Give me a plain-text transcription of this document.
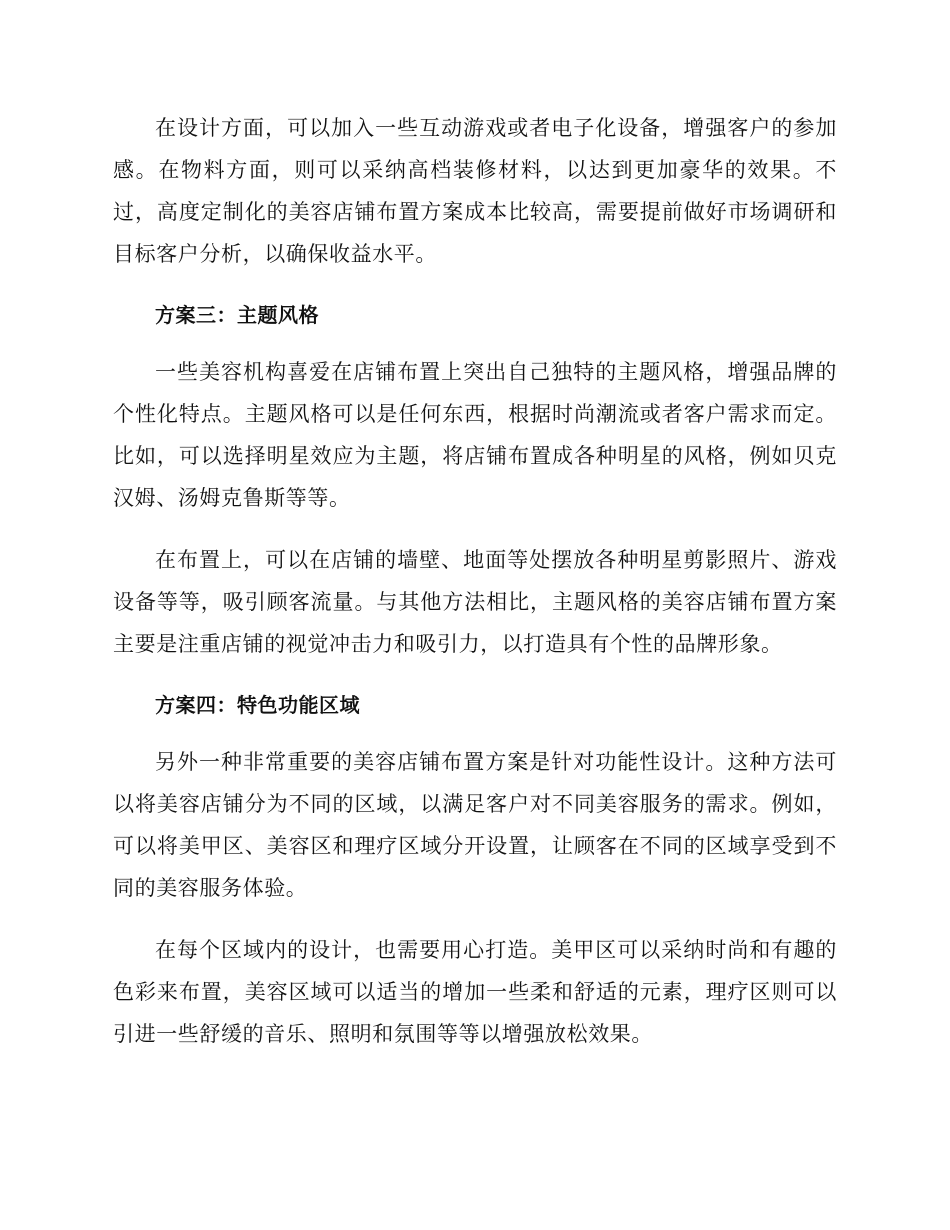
在设计方面，可以加入一些互动游戏或者电子化设备，增强客户的参加感。在物料方面，则可以采纳高档装修材料，以达到更加豪华的效果。不过，高度定制化的美容店铺布置方案成本比较高，需要提前做好市场调研和目标客户分析，以确保收益水平。

方案三：主题风格

一些美容机构喜爱在店铺布置上突出自己独特的主题风格，增强品牌的个性化特点。主题风格可以是任何东西，根据时尚潮流或者客户需求而定。比如，可以选择明星效应为主题，将店铺布置成各种明星的风格，例如贝克汉姆、汤姆克鲁斯等等。

在布置上，可以在店铺的墙壁、地面等处摆放各种明星剪影照片、游戏设备等等，吸引顾客流量。与其他方法相比，主题风格的美容店铺布置方案主要是注重店铺的视觉冲击力和吸引力，以打造具有个性的品牌形象。

方案四：特色功能区域

另外一种非常重要的美容店铺布置方案是针对功能性设计。这种方法可以将美容店铺分为不同的区域，以满足客户对不同美容服务的需求。例如，可以将美甲区、美容区和理疗区域分开设置，让顾客在不同的区域享受到不同的美容服务体验。

在每个区域内的设计，也需要用心打造。美甲区可以采纳时尚和有趣的色彩来布置，美容区域可以适当的增加一些柔和舒适的元素，理疗区则可以引进一些舒缓的音乐、照明和氛围等等以增强放松效果。
